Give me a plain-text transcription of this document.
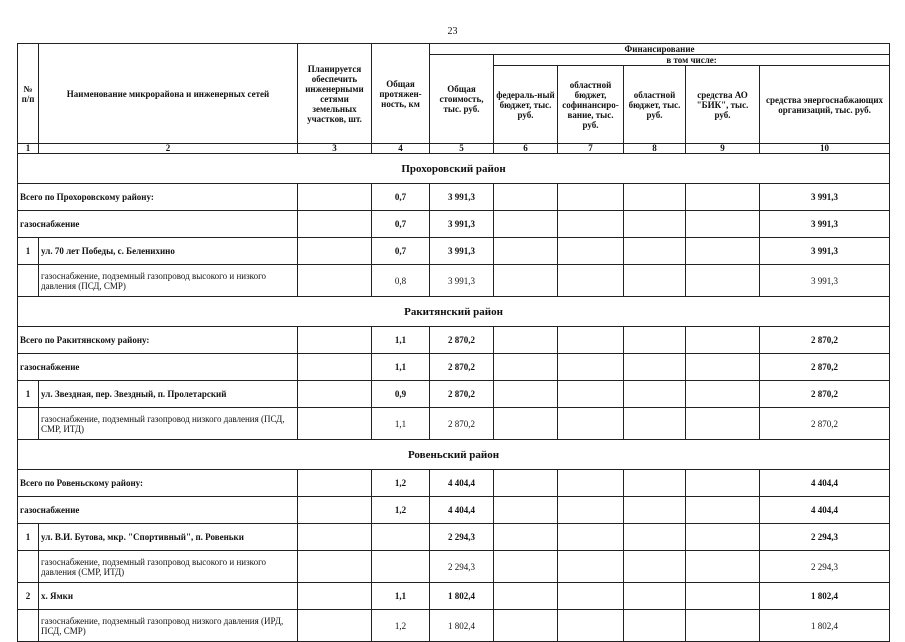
23
№ п/п	Наименование микрорайона и инженерных сетей	Планируется обеспечить инженерными сетями земельных участков, шт.	Общая протяжен-ность, км	Финансирование					
				Общая стоимость, тыс. руб.	в том числе:				
					федераль-ный бюджет, тыс. руб.	областной бюджет, софинансиро-вание, тыс. руб.	областной бюджет, тыс. руб.	средства АО "БИК", тыс. руб.	средства энергоснабжающих организаций, тыс. руб.
1	2	3	4	5	6	7	8	9	10
Прохоровский район									
Всего по Прохоровскому району:			0,7	3 991,3					3 991,3
газоснабжение			0,7	3 991,3					3 991,3
1	ул. 70 лет Победы, с. Беленихино		0,7	3 991,3					3 991,3
	газоснабжение, подземный газопровод высокого и низкого давления (ПСД, СМР)		0,8	3 991,3					3 991,3
Ракитянский район									
Всего по Ракитянскому району:			1,1	2 870,2					2 870,2
газоснабжение			1,1	2 870,2					2 870,2
1	ул. Звездная, пер. Звездный, п. Пролетарский		0,9	2 870,2					2 870,2
	газоснабжение, подземный газопровод низкого давления (ПСД, СМР, ИТД)		1,1	2 870,2					2 870,2
Ровеньский район									
Всего по Ровеньскому району:			1,2	4 404,4					4 404,4
газоснабжение			1,2	4 404,4					4 404,4
1	ул. В.И. Бутова, мкр. "Спортивный", п. Ровеньки			2 294,3					2 294,3
	газоснабжение, подземный газопровод высокого и низкого давления (СМР, ИТД)			2 294,3					2 294,3
2	х. Ямки		1,1	1 802,4					1 802,4
	газоснабжение, подземный газопровод низкого давления (ИРД, ПСД, СМР)		1,2	1 802,4					1 802,4
